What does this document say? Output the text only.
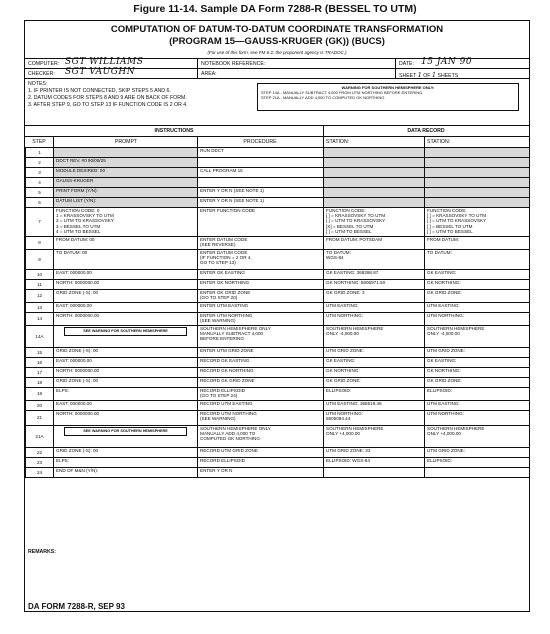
Figure 11-14. Sample DA Form 7288-R (BESSEL TO UTM)
COMPUTATION OF DATUM-TO-DATUM COORDINATE TRANSFORMATION
(PROGRAM 15—GAUSS-KRUGER (GK)) (BUCS)
(For use of this form, see FM 6-2; the proponent agency is TRADOC.)
COMPUTER: SGT WILLIAMS	NOTEBOOK REFERENCE:	DATE: 15 JAN 90
CHECKER: SGT VAUGHN	AREA:	SHEET 1 OF 1 SHEETS
NOTES:
1. IF PRINTER IS NOT CONNECTED, SKIP STEPS 5 AND 6.
2. DATUM CODES FOR STEPS 8 AND 9 ARE ON BACK OF FORM.
3. AFTER STEP 9, GO TO STEP 13 IF FUNCTION CODE IS 2 OR 4.
WARNING FOR SOUTHERN HEMISPHERE ONLY:
STEP 14A - MANUALLY SUBTRACT 4,000 FROM UTM NORTHING BEFORE ENTERING.
STEP 21A - MANUALLY ADD 4,000 TO COMPUTED GK NORTHING.
INSTRUCTIONS	DATA RECORD
STEP	PROMPT	PROCEDURE	STATION:	STATION:
1		RUN DDCT		
2	DDCT REV. #0 90/08/25			
3	MODULE DESIRED: 00	CALL PROGRAM 15		
4	GAUSS-KRUGER			
5	PRINT FORM (Y/N):	ENTER Y OR N (SEE NOTE 1)		
6	DATUM LIST (Y/N):	ENTER Y OR N (SEE NOTE 1)		
7	FUNCTION CODE: 0
1 = KRASSOVSKY TO UTM
2 = UTM TO KRASSOVSKY
3 = BESSEL TO UTM
4 = UTM TO BESSEL	ENTER FUNCTION CODE	FUNCTION CODE:
[ ] = KRASSOVSKY TO UTM
[ ] = UTM TO KRASSOVSKY
[X] = BESSEL TO UTM
[ ] = UTM TO BESSEL	FUNCTION CODE:
[ ] = KRASSOVSKY TO UTM
[ ] = UTM TO KRASSOVSKY
[ ] = BESSEL TO UTM
[ ] = UTM TO BESSEL
8	FROM DATUM: 00	ENTER DATUM CODE
(SEE REVERSE)	FROM DATUM: POTSDAM	FROM DATUM:
9	TO DATUM: 00	ENTER DATUM CODE
(IF FUNCTION = 2 OR 4,
GO TO STEP 13)	TO DATUM:
WGS-84	TO DATUM:
10	EAST: 000000.00	ENTER GK EASTING	GK EASTING: 368398.87	GK EASTING:
11	NORTH: 0000000.00	ENTER GK NORTHING	GK NORTHING: 5806971.50	GK NORTHING:
12	GRID ZONE (-S): 00	ENTER GK GRID ZONE
(GO TO STEP 20)	GK GRID ZONE: 3	GK GRID ZONE:
13	EAST: 000000.00	ENTER UTM EASTING	UTM EASTING:	UTM EASTING:
14	NORTH: 0000000.00	ENTER UTM NORTHING
(SEE WARNING)	UTM NORTHING:	UTM NORTHING:
14A	SEE WARNING FOR SOUTHERN HEMISPHERE	SOUTHERN HEMISPHERE ONLY
MANUALLY SUBTRACT 4,000
BEFORE ENTERING	SOUTHERN HEMISPHERE
ONLY -4,000.00	SOUTHERN HEMISPHERE
ONLY -4,000.00
15	GRID ZONE (-S): 00	ENTER UTM GRID ZONE	UTM GRID ZONE:	UTM GRID ZONE:
16	EAST: 000000.00	RECORD GK EASTING	GK EASTING:	GK EASTING:
17	NORTH: 0000000.00	RECORD GK NORTHING	GK NORTHING:	GK NORTHING:
18	GRID ZONE (-S): 00	RECORD GK GRID ZONE	GK GRID ZONE:	GK GRID ZONE:
19	ELPS:	RECORD ELLIPSOID
(GO TO STEP 24)	ELLIPSOID:	ELLIPSOID:
20	EAST: 000000.00	RECORD UTM EASTING	UTM EASTING: 368519.46	UTM EASTING:
21	NORTH: 0000000.00	RECORD UTM NORTHING
(SEE WARNING)	UTM NORTHING:
5805094.44	UTM NORTHING:
21A	SEE WARNING FOR SOUTHERN HEMISPHERE	SOUTHERN HEMISPHERE ONLY
MANUALLY ADD 4,000 TO
COMPUTED GK NORTHING	SOUTHERN HEMISPHERE
ONLY +4,000.00	SOUTHERN HEMISPHERE
ONLY +4,000.00
22	GRID ZONE (-S): 00	RECORD UTM GRID ZONE	UTM GRID ZONE: 33	UTM GRID ZONE:
23	ELPS:	RECORD ELLIPSOID	ELLIPSOID: WGS-84	ELLIPSOID:
24	END OF M&N (Y/N):	ENTER Y OR N		
REMARKS:
DA FORM 7288-R, SEP 93
